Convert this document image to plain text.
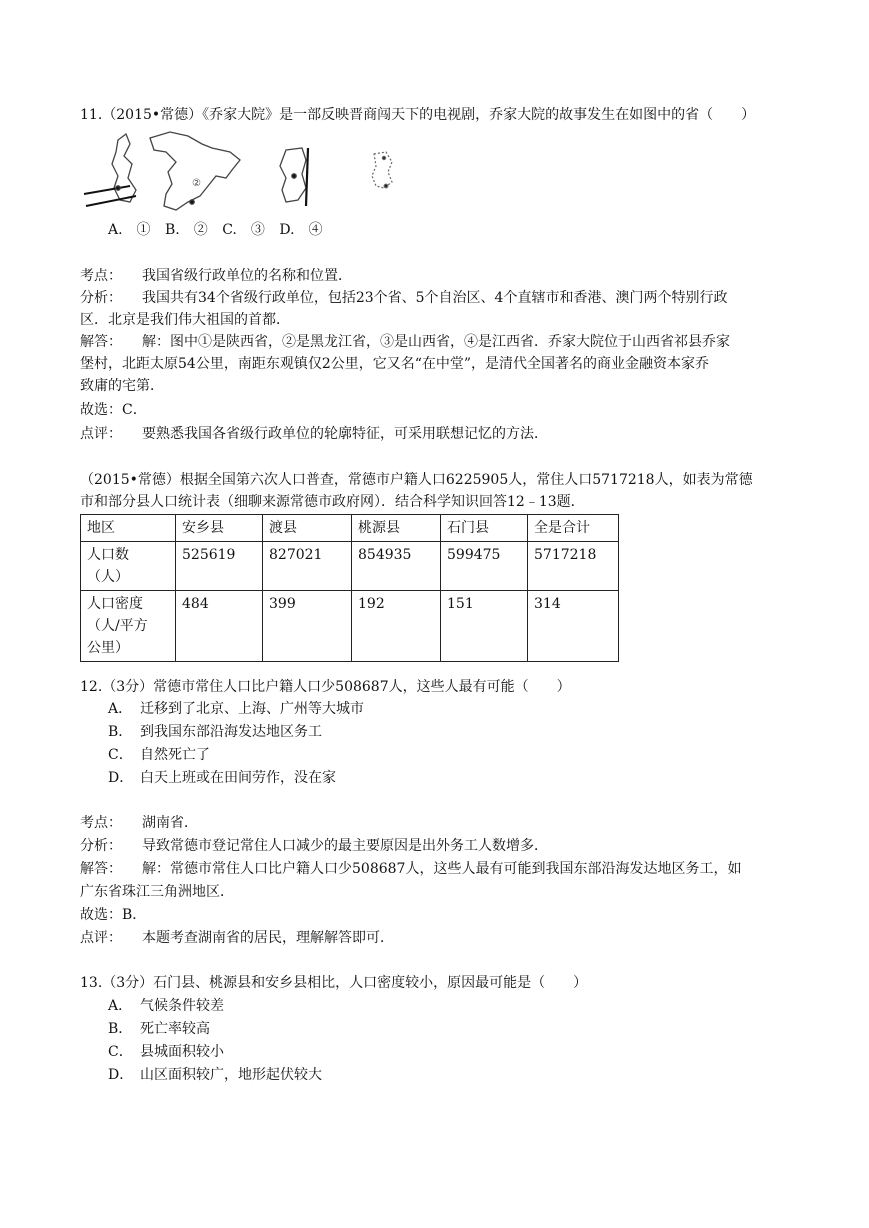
11.（2015•常德）《乔家大院》是一部反映晋商闯天下的电视剧，乔家大院的故事发生在如图中的省（　　）
②
A.　① B.　② C.　③ D.　④
考点： 我国省级行政单位的名称和位置．
分析： 我国共有34个省级行政单位，包括23个省、5个自治区、4个直辖市和香港、澳门两个特别行政
区．北京是我们伟大祖国的首都．
解答： 解：图中①是陕西省，②是黑龙江省，③是山西省，④是江西省．乔家大院位于山西省祁县乔家
堡村，北距太原54公里，南距东观镇仅2公里，它又名“在中堂”，是清代全国著名的商业金融资本家乔
致庸的宅第．
故选：C．
点评： 要熟悉我国各省级行政单位的轮廓特征，可采用联想记忆的方法．
（2015•常德）根据全国第六次人口普查，常德市户籍人口6225905人，常住人口5717218人，如表为常德
市和部分县人口统计表（细聊来源常德市政府网）．结合科学知识回答12﹣13题．
地区	安乡县	渡县	桃源县	石门县	全是合计
人口数
（人）	525619	827021	854935	599475	5717218
人口密度
（人/平方
公里）	484	399	192	151	314
12.（3分）常德市常住人口比户籍人口少508687人，这些人最有可能（　　）
A． 迁移到了北京、上海、广州等大城市
B． 到我国东部沿海发达地区务工
C． 自然死亡了
D． 白天上班或在田间劳作，没在家
考点： 湖南省．
分析： 导致常德市登记常住人口减少的最主要原因是出外务工人数增多．
解答： 解：常德市常住人口比户籍人口少508687人，这些人最有可能到我国东部沿海发达地区务工，如
广东省珠江三角洲地区．
故选：B．
点评： 本题考查湖南省的居民，理解解答即可．
13.（3分）石门县、桃源县和安乡县相比，人口密度较小，原因最可能是（　　）
A． 气候条件较差
B． 死亡率较高
C． 县城面积较小
D． 山区面积较广，地形起伏较大
